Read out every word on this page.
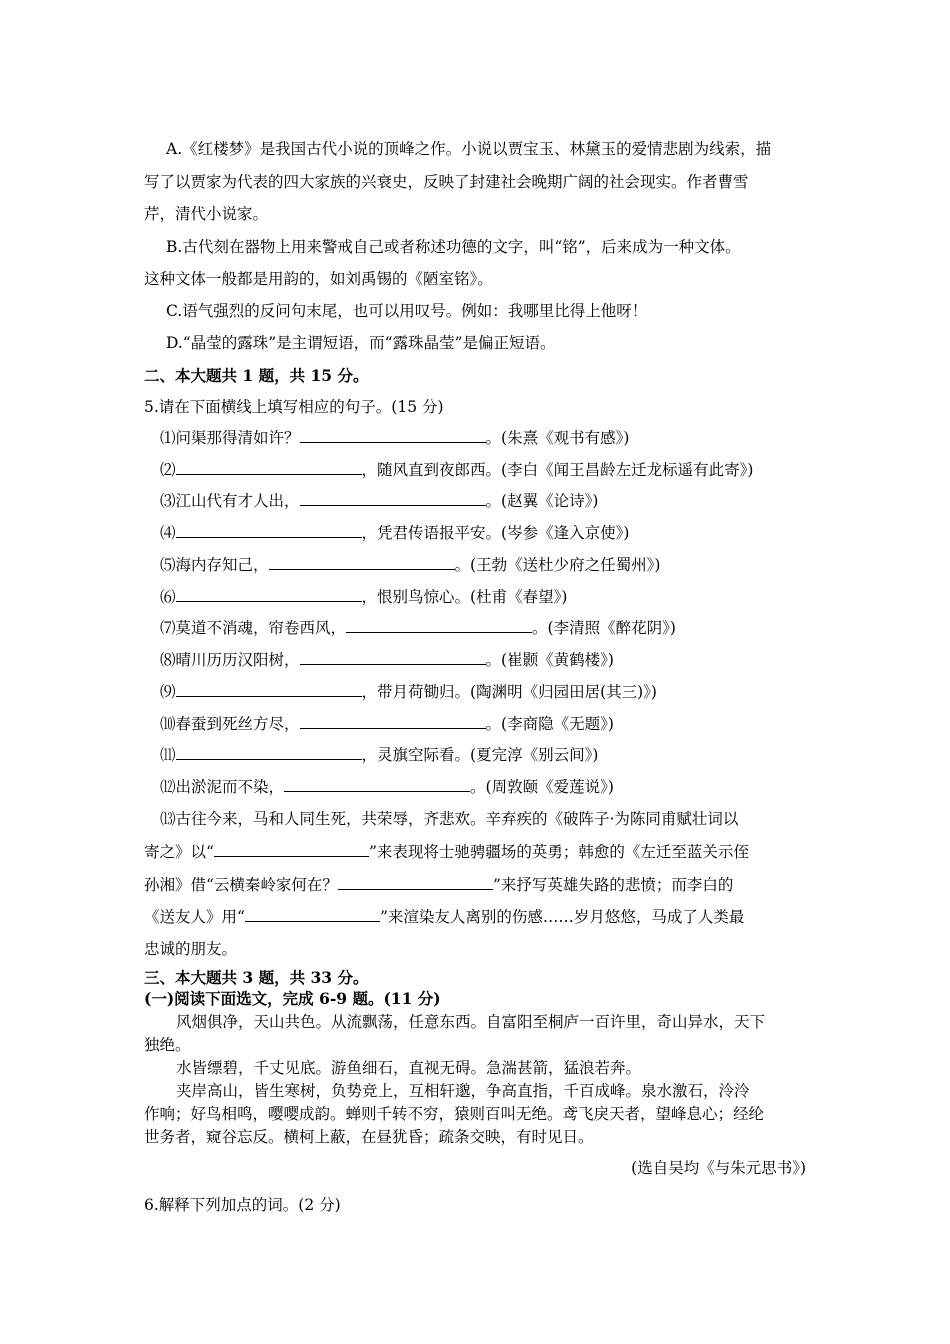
A.《红楼梦》是我国古代小说的顶峰之作。小说以贾宝玉、林黛玉的爱情悲剧为线索，描
写了以贾家为代表的四大家族的兴衰史，反映了封建社会晚期广阔的社会现实。作者曹雪
芹，清代小说家。
B.古代刻在器物上用来警戒自己或者称述功德的文字，叫“铭”，后来成为一种文体。
这种文体一般都是用韵的，如刘禹锡的《陋室铭》。
C.语气强烈的反问句末尾，也可以用叹号。例如：我哪里比得上他呀！
D.“晶莹的露珠”是主谓短语，而“露珠晶莹”是偏正短语。
二、本大题共 1 题，共 15 分。
5.请在下面横线上填写相应的句子。(15 分)
⑴问渠那得清如许？	。(朱熹《观书有感》)
⑵	，随风直到夜郎西。(李白《闻王昌龄左迁龙标遥有此寄》)
⑶江山代有才人出，	。(赵翼《论诗》)
⑷	，凭君传语报平安。(岑参《逢入京使》)
⑸海内存知己，	。(王勃《送杜少府之任蜀州》)
⑹	，恨别鸟惊心。(杜甫《春望》)
⑺莫道不消魂，帘卷西风，	。(李清照《醉花阴》)
⑻晴川历历汉阳树，	。(崔颢《黄鹤楼》)
⑼	，带月荷锄归。(陶渊明《归园田居(其三)》)
⑽春蚕到死丝方尽，	。(李商隐《无题》)
⑾	，灵旗空际看。(夏完淳《别云间》)
⑿出淤泥而不染，	。(周敦颐《爱莲说》)
⒀古往今来，马和人同生死，共荣辱，齐悲欢。辛弃疾的《破阵子·为陈同甫赋壮词以
寄之》以“	”来表现将士驰骋疆场的英勇；韩愈的《左迁至蓝关示侄
孙湘》借“云横秦岭家何在？	”来抒写英雄失路的悲愤；而李白的
《送友人》用“	”来渲染友人离别的伤感……岁月悠悠，马成了人类最
忠诚的朋友。
三、本大题共 3 题，共 33 分。
(一)阅读下面选文，完成 6-9 题。(11 分)
风烟俱净，天山共色。从流飘荡，任意东西。自富阳至桐庐一百许里，奇山异水，天下
独绝。
水皆缥碧，千丈见底。游鱼细石，直视无碍。急湍甚箭，猛浪若奔。
夹岸高山，皆生寒树，负势竞上，互相轩邈，争高直指，千百成峰。泉水激石，泠泠
作响；好鸟相鸣，嘤嘤成韵。蝉则千转不穷，猿则百叫无绝。鸢飞戾天者，望峰息心；经纶
世务者，窥谷忘反。横柯上蔽，在昼犹昏；疏条交映，有时见日。
(选自吴均《与朱元思书》)
6.解释下列加点的词。(2 分)
